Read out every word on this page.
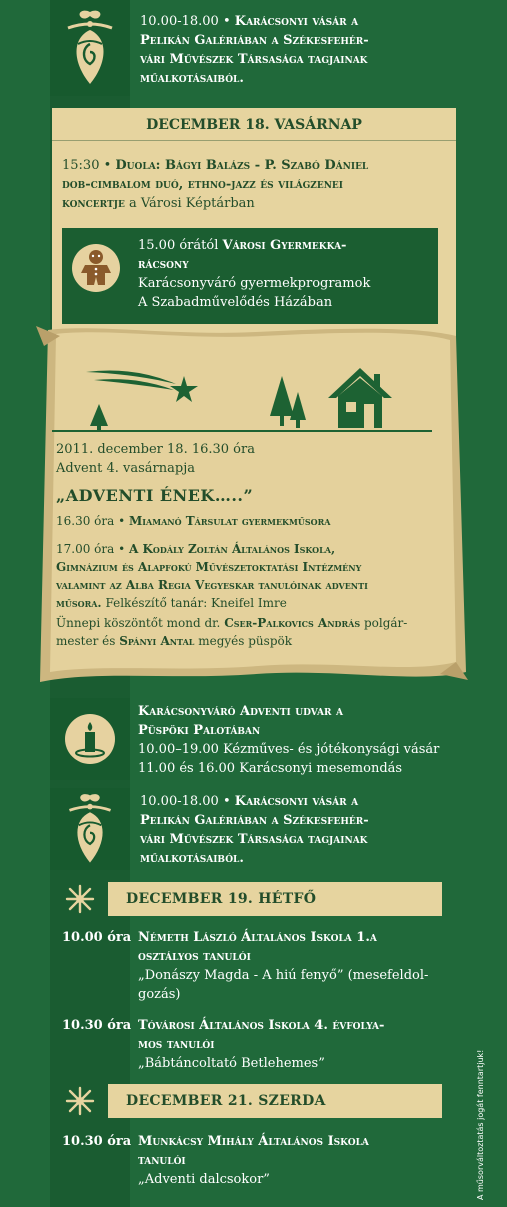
10.00-18.00 • Karácsonyi vásár a
Pelikán Galériában a Székesfehér-
vári Művészek Társasága tagjainak
műalkotásaiból.
DECEMBER 18. VASÁRNAP
15:30 • Duola: Bágyi Balázs - P. Szabó Dániel
dob-cimbalom duó, ethno-jazz és világzenei
koncertje a Városi Képtárban
15.00 órától Városi Gyermekka-
rácsony
Karácsonyváró gyermekprogramok
A Szabadművelődés Házában
2011. december 18. 16.30 óra
Advent 4. vasárnapja
„ADVENTI ÉNEK…..”
16.30 óra • Miamanó Társulat gyermekműsora
17.00 óra • A Kodály Zoltán Általános Iskola,
Gimnázium és Alapfokú Művészetoktatási Intézmény
valamint az Alba Regia Vegyeskar tanulóinak adventi
műsora. Felkészítő tanár: Kneifel Imre
Ünnepi köszöntőt mond dr. Cser-Palkovics András polgár-
mester és Spányi Antal megyés püspök
Karácsonyváró Adventi udvar a
Püspöki Palotában
10.00–19.00 Kézműves- és jótékonysági vásár
11.00 és 16.00 Karácsonyi mesemondás
10.00-18.00 • Karácsonyi vásár a
Pelikán Galériában a Székesfehér-
vári Művészek Társasága tagjainak
műalkotásaiból.
DECEMBER 19. HÉTFŐ
10.00 óra Németh László Általános Iskola 1.a
osztályos tanulói
„Donászy Magda - A hiú fenyő” (mesefeldol-
gozás)
10.30 óra Tóvárosi Általános Iskola 4. évfolya-
mos tanulói
„Bábtáncoltató Betlehemes”
DECEMBER 21. SZERDA
10.30 óra Munkácsy Mihály Általános Iskola
tanulói
„Adventi dalcsokor”	A műsorváltoztatás jogát fenntartjuk!
